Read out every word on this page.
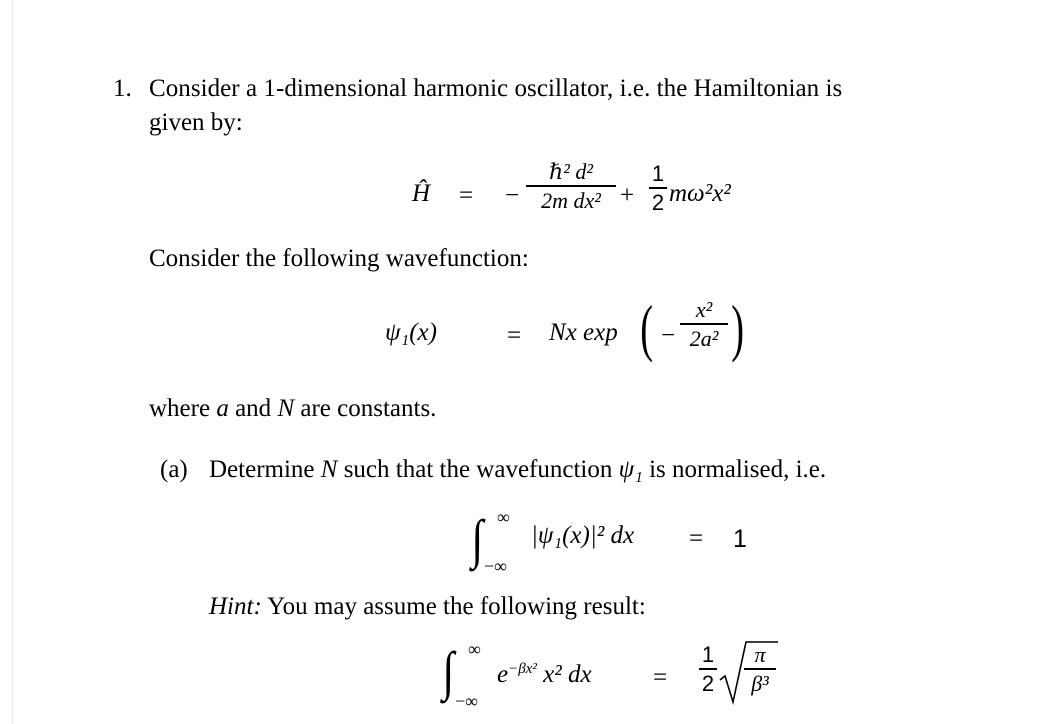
1. Consider a 1-dimensional harmonic oscillator, i.e. the Hamiltonian is
given by:
Ĥ = −
ℏ² d²
2m dx² +
1
2 mω²x²
Consider the following wavefunction:
ψ₁(x)	= Nx exp ( −
x²
2a² )
where a and N are constants.
(a) Determine N such that the wavefunction ψ₁ is normalised, i.e.
∫ ∞
−∞
|ψ₁(x)|² dx = 1
Hint: You may assume the following result:
∫ ∞
−∞
$e^{-\beta x^2}$ x² dx =
1
2
π
β³
